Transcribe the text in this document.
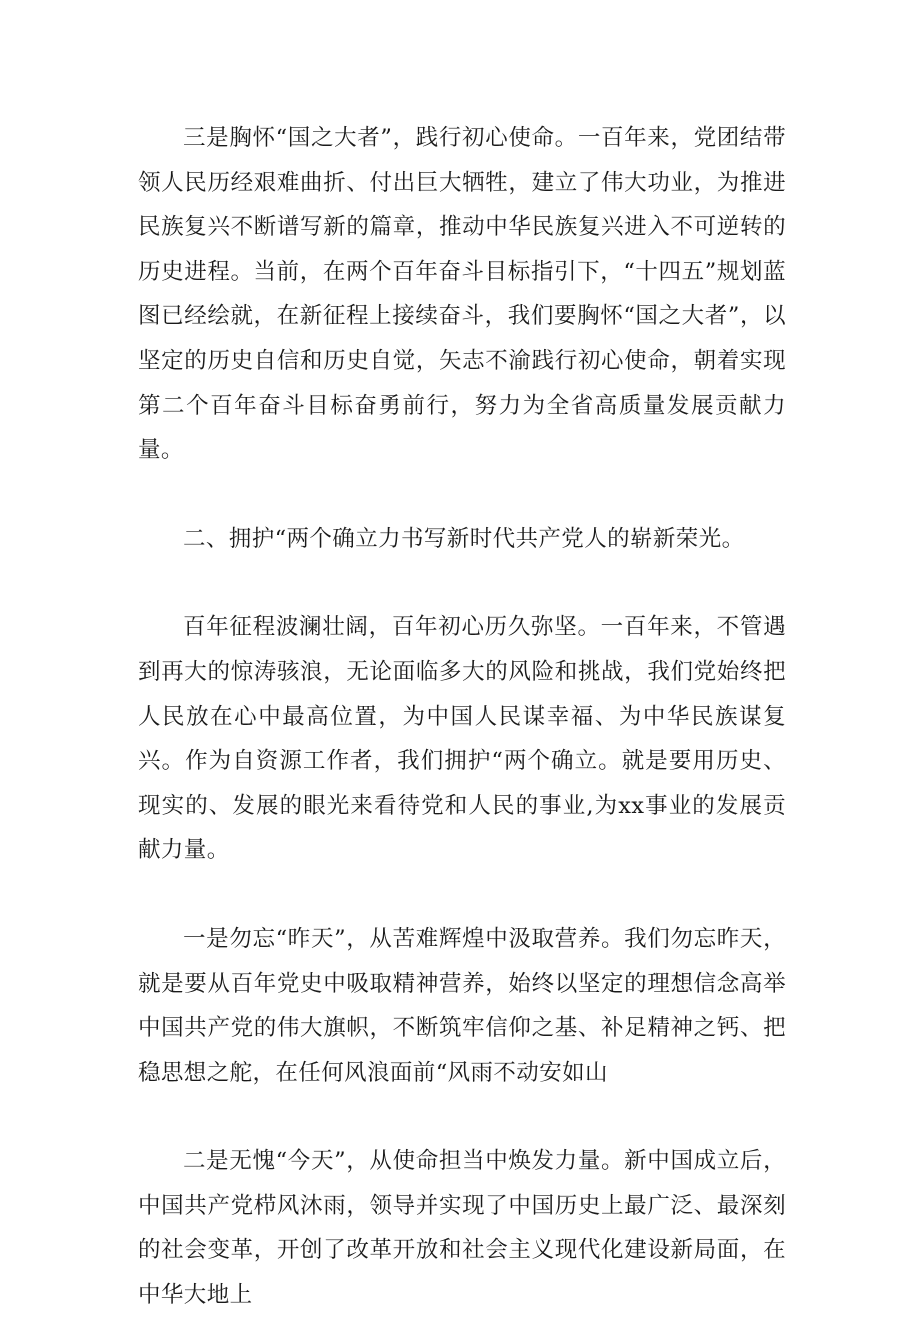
三是胸怀“国之大者”，践行初心使命。一百年来，党团结带领人民历经艰难曲折、付出巨大牺牲，建立了伟大功业，为推进民族复兴不断谱写新的篇章，推动中华民族复兴进入不可逆转的历史进程。当前，在两个百年奋斗目标指引下，“十四五”规划蓝图已经绘就，在新征程上接续奋斗，我们要胸怀“国之大者”，以坚定的历史自信和历史自觉，矢志不渝践行初心使命，朝着实现第二个百年奋斗目标奋勇前行，努力为全省高质量发展贡献力量。

二、拥护“两个确立力书写新时代共产党人的崭新荣光。

百年征程波澜壮阔，百年初心历久弥坚。一百年来，不管遇到再大的惊涛骇浪，无论面临多大的风险和挑战，我们党始终把人民放在心中最高位置，为中国人民谋幸福、为中华民族谋复兴。作为自资源工作者，我们拥护“两个确立。就是要用历史、现实的、发展的眼光来看待党和人民的事业,为xx事业的发展贡献力量。

一是勿忘“昨天”，从苦难辉煌中汲取营养。我们勿忘昨天，就是要从百年党史中吸取精神营养，始终以坚定的理想信念高举中国共产党的伟大旗帜，不断筑牢信仰之基、补足精神之钙、把稳思想之舵，在任何风浪面前“风雨不动安如山

二是无愧“今天”，从使命担当中焕发力量。新中国成立后，中国共产党栉风沐雨，领导并实现了中国历史上最广泛、最深刻的社会变革，开创了改革开放和社会主义现代化建设新局面，在中华大地上
